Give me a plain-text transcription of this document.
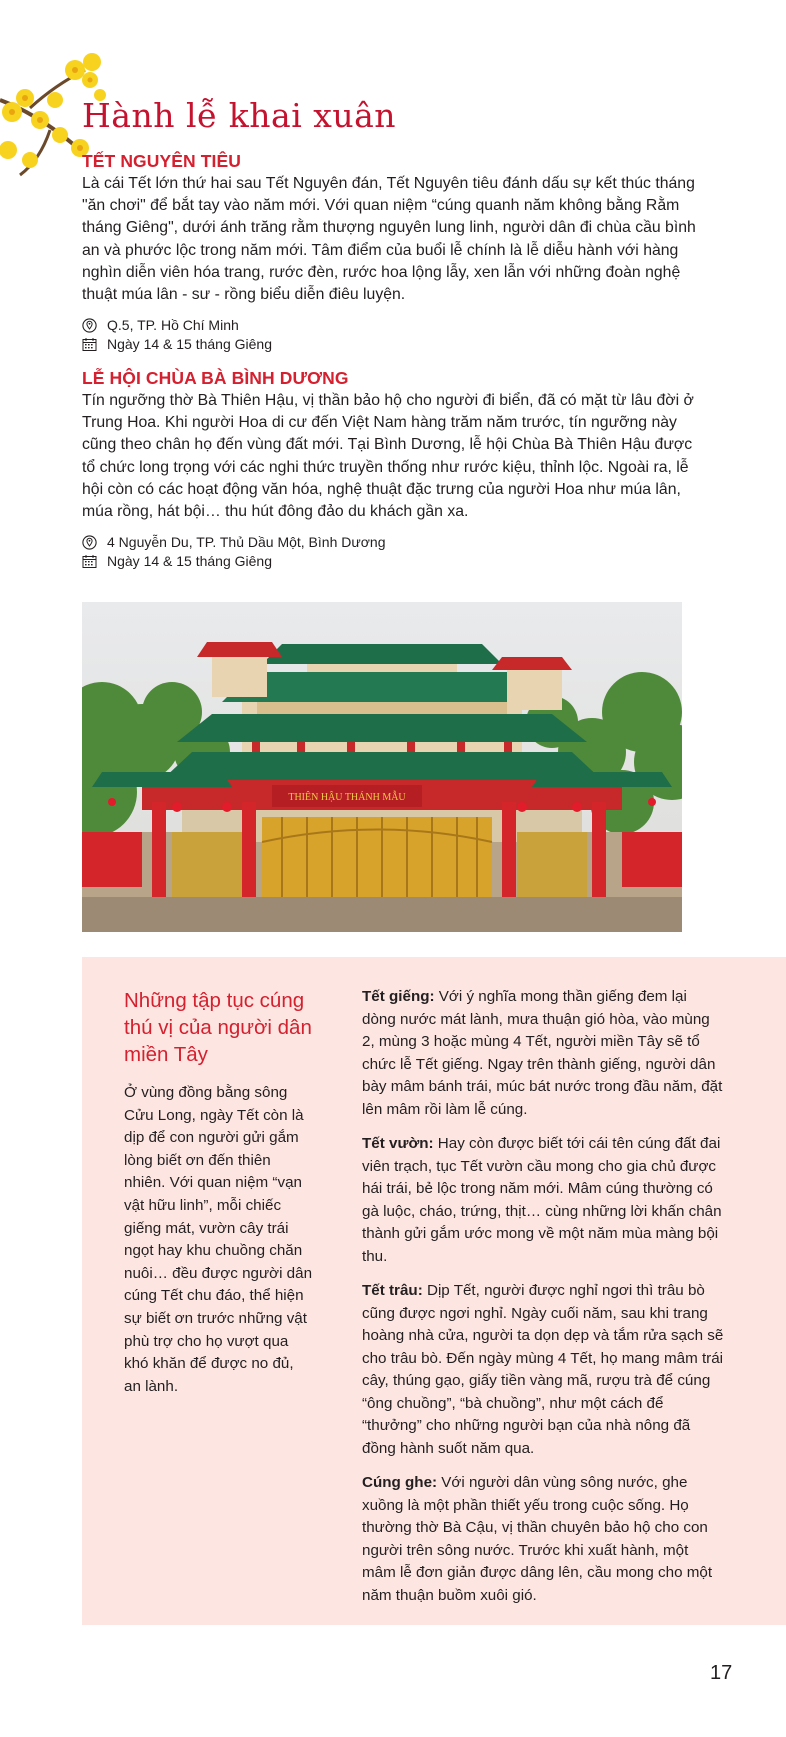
Hành lễ khai xuân
TẾT NGUYÊN TIÊU
Là cái Tết lớn thứ hai sau Tết Nguyên đán, Tết Nguyên tiêu đánh dấu sự kết thúc tháng "ăn chơi" để bắt tay vào năm mới. Với quan niệm “cúng quanh năm không bằng Rằm tháng Giêng", dưới ánh trăng rằm thượng nguyên lung linh, người dân đi chùa cầu bình an và phước lộc trong năm mới. Tâm điểm của buổi lễ chính là lễ diễu hành với hàng nghìn diễn viên hóa trang, rước đèn, rước hoa lộng lẫy, xen lẫn với những đoàn nghệ thuật múa lân - sư - rồng biểu diễn điêu luyện.
Q.5, TP. Hồ Chí Minh
Ngày 14 & 15 tháng Giêng
LỄ HỘI CHÙA BÀ BÌNH DƯƠNG
Tín ngưỡng thờ Bà Thiên Hậu, vị thần bảo hộ cho người đi biển, đã có mặt từ lâu đời ở Trung Hoa. Khi người Hoa di cư đến Việt Nam hàng trăm năm trước, tín ngưỡng này cũng theo chân họ đến vùng đất mới. Tại Bình Dương, lễ hội Chùa Bà Thiên Hậu được tổ chức long trọng với các nghi thức truyền thống như rước kiệu, thỉnh lộc. Ngoài ra, lễ hội còn có các hoạt động văn hóa, nghệ thuật đặc trưng của người Hoa như múa lân, múa rồng, hát bội… thu hút đông đảo du khách gần xa.
4 Nguyễn Du, TP. Thủ Dầu Một, Bình Dương
Ngày 14 & 15 tháng Giêng
THIÊN HẬU THÁNH MẪU
Những tập tục cúng thú vị của người dân miền Tây
Ở vùng đồng bằng sông Cửu Long, ngày Tết còn là dịp để con người gửi gắm lòng biết ơn đến thiên nhiên. Với quan niệm “vạn vật hữu linh”, mỗi chiếc giếng mát, vườn cây trái ngọt hay khu chuồng chăn nuôi… đều được người dân cúng Tết chu đáo, thể hiện sự biết ơn trước những vật phù trợ cho họ vượt qua khó khăn để được no đủ, an lành.

Tết giếng: Với ý nghĩa mong thần giếng đem lại dòng nước mát lành, mưa thuận gió hòa, vào mùng 2, mùng 3 hoặc mùng 4 Tết, người miền Tây sẽ tổ chức lễ Tết giếng. Ngay trên thành giếng, người dân bày mâm bánh trái, múc bát nước trong đầu năm, đặt lên mâm rồi làm lễ cúng.

Tết vườn: Hay còn được biết tới cái tên cúng đất đai viên trạch, tục Tết vườn cầu mong cho gia chủ được hái trái, bẻ lộc trong năm mới. Mâm cúng thường có gà luộc, cháo, trứng, thịt… cùng những lời khấn chân thành gửi gắm ước mong về một năm mùa màng bội thu.

Tết trâu: Dịp Tết, người được nghỉ ngơi thì trâu bò cũng được ngơi nghỉ. Ngày cuối năm, sau khi trang hoàng nhà cửa, người ta dọn dẹp và tắm rửa sạch sẽ cho trâu bò. Đến ngày mùng 4 Tết, họ mang mâm trái cây, thúng gạo, giấy tiền vàng mã, rượu trà để cúng “ông chuồng”, “bà chuồng”, như một cách để “thưởng” cho những người bạn của nhà nông đã đồng hành suốt năm qua.

Cúng ghe: Với người dân vùng sông nước, ghe xuồng là một phần thiết yếu trong cuộc sống. Họ thường thờ Bà Cậu, vị thần chuyên bảo hộ cho con người trên sông nước. Trước khi xuất hành, một mâm lễ đơn giản được dâng lên, cầu mong cho một năm thuận buồm xuôi gió.

17
